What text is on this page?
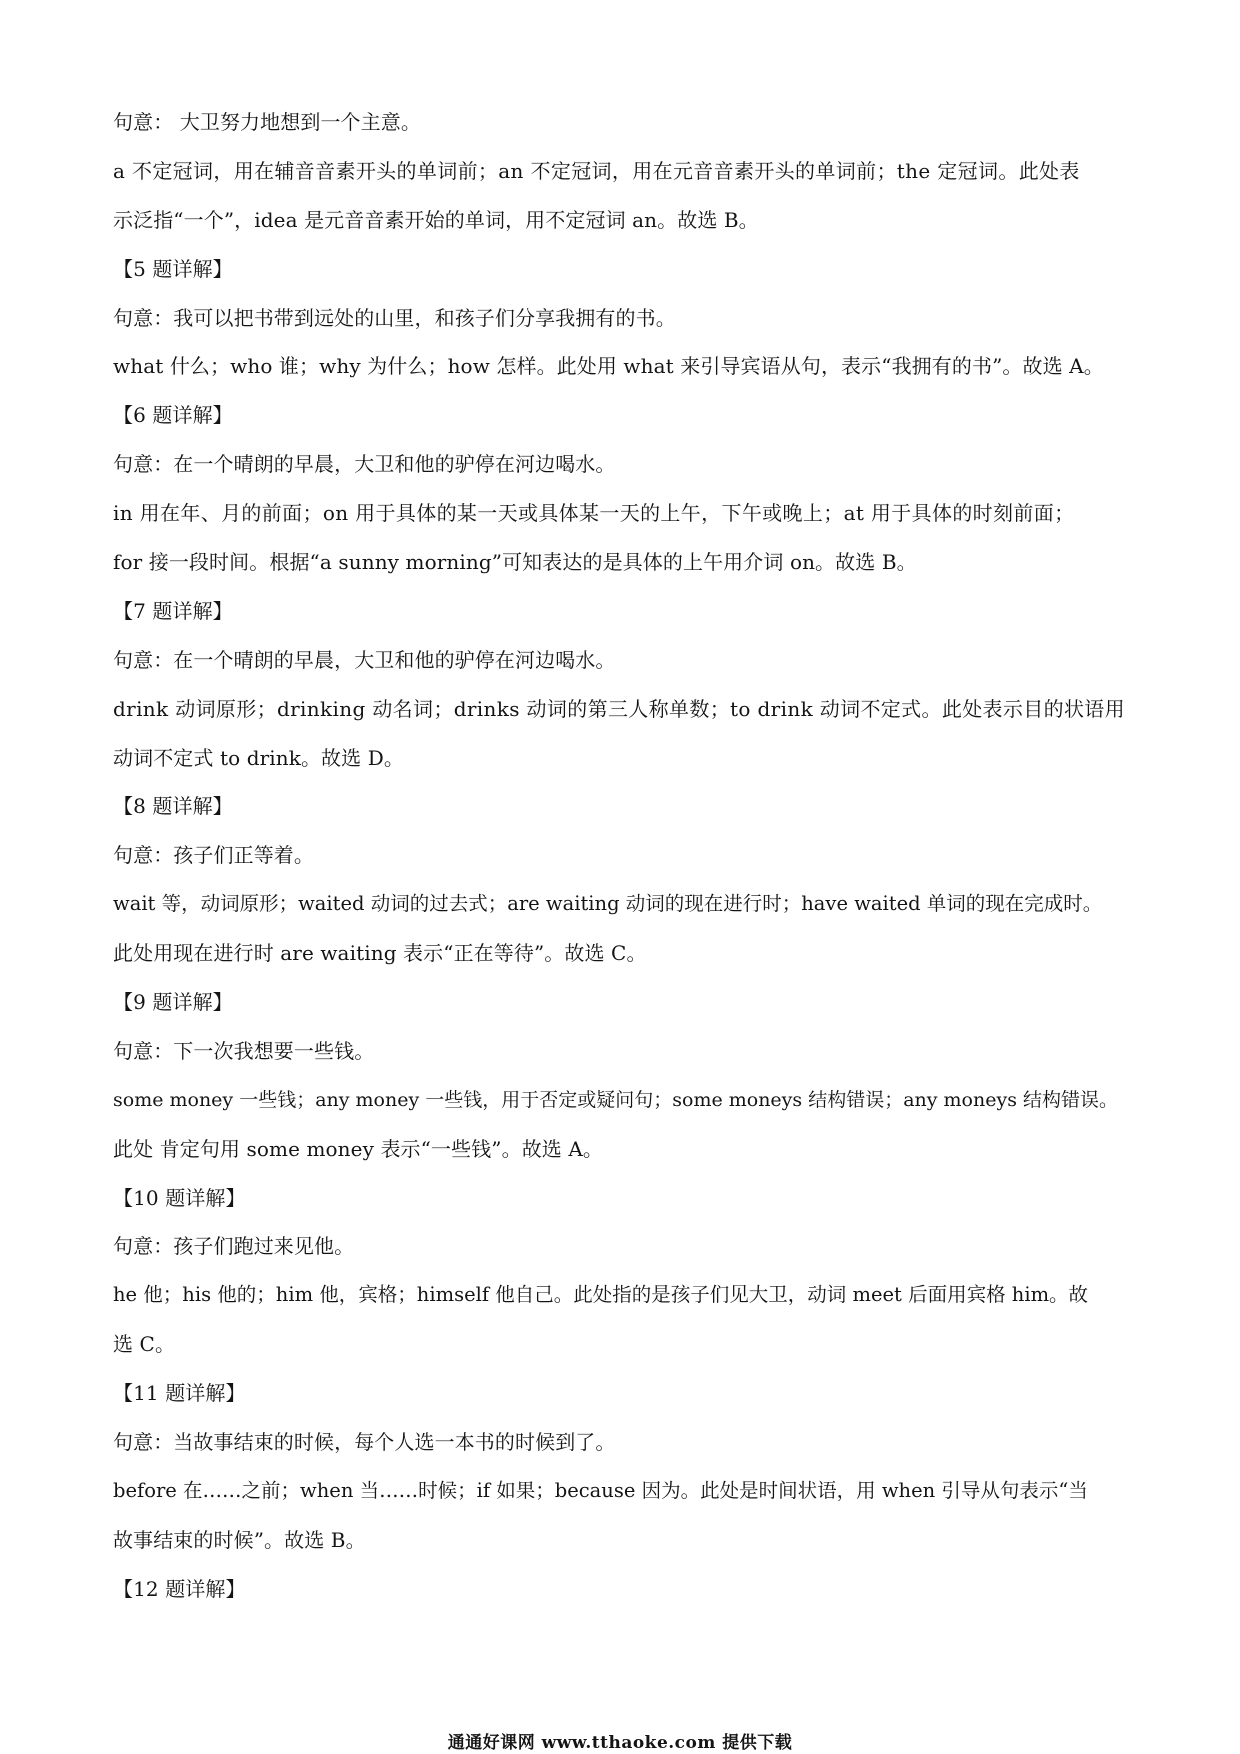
句意： 大卫努力地想到一个主意。
a 不定冠词，用在辅音音素开头的单词前；an 不定冠词，用在元音音素开头的单词前；the 定冠词。此处表
示泛指“一个”，idea 是元音音素开始的单词，用不定冠词 an。故选 B。
【5 题详解】
句意：我可以把书带到远处的山里，和孩子们分享我拥有的书。
what 什么；who 谁；why 为什么；how 怎样。此处用 what 来引导宾语从句，表示“我拥有的书”。故选 A。
【6 题详解】
句意：在一个晴朗的早晨，大卫和他的驴停在河边喝水。
in 用在年、月的前面；on 用于具体的某一天或具体某一天的上午，下午或晚上；at 用于具体的时刻前面；
for 接一段时间。根据“a sunny morning”可知表达的是具体的上午用介词 on。故选 B。
【7 题详解】
句意：在一个晴朗的早晨，大卫和他的驴停在河边喝水。
drink 动词原形；drinking 动名词；drinks 动词的第三人称单数；to drink 动词不定式。此处表示目的状语用
动词不定式 to drink。故选 D。
【8 题详解】
句意：孩子们正等着。
wait 等，动词原形；waited 动词的过去式；are waiting 动词的现在进行时；have waited 单词的现在完成时。
此处用现在进行时 are waiting 表示“正在等待”。故选 C。
【9 题详解】
句意：下一次我想要一些钱。
some money 一些钱；any money 一些钱，用于否定或疑问句；some moneys 结构错误；any moneys 结构错误。
此处 肯定句用 some money 表示“一些钱”。故选 A。
【10 题详解】
句意：孩子们跑过来见他。
he 他；his 他的；him 他，宾格；himself 他自己。此处指的是孩子们见大卫，动词 meet 后面用宾格 him。故
选 C。
【11 题详解】
句意：当故事结束的时候，每个人选一本书的时候到了。
before 在……之前；when 当……时候；if 如果；because 因为。此处是时间状语，用 when 引导从句表示“当
故事结束的时候”。故选 B。
【12 题详解】
通通好课网 www.tthaoke.com 提供下载
